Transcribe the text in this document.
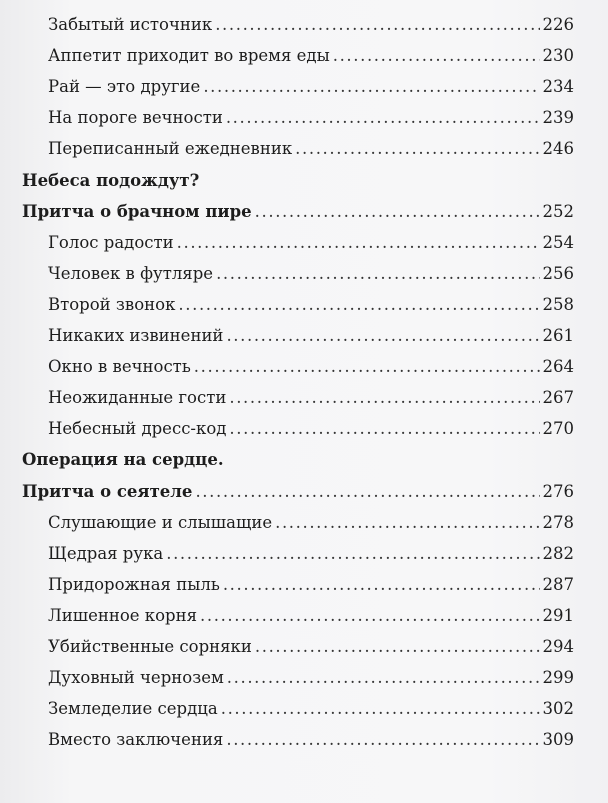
Забытый источник .....	226
Аппетит приходит во время еды .....	230
Рай — это другие .....	234
На пороге вечности .....	239
Переписанный ежедневник .....	246
Небеса подождут?
Притча о брачном пире .....	252
Голос радости .....	254
Человек в футляре .....	256
Второй звонок .....	258
Никаких извинений .....	261
Окно в вечность .....	264
Неожиданные гости .....	267
Небесный дресс-код .....	270
Операция на сердце.
Притча о сеятеле .....	276
Слушающие и слышащие .....	278
Щедрая рука .....	282
Придорожная пыль .....	287
Лишенное корня .....	291
Убийственные сорняки .....	294
Духовный чернозем .....	299
Земледелие сердца .....	302
Вместо заключения .....	309
